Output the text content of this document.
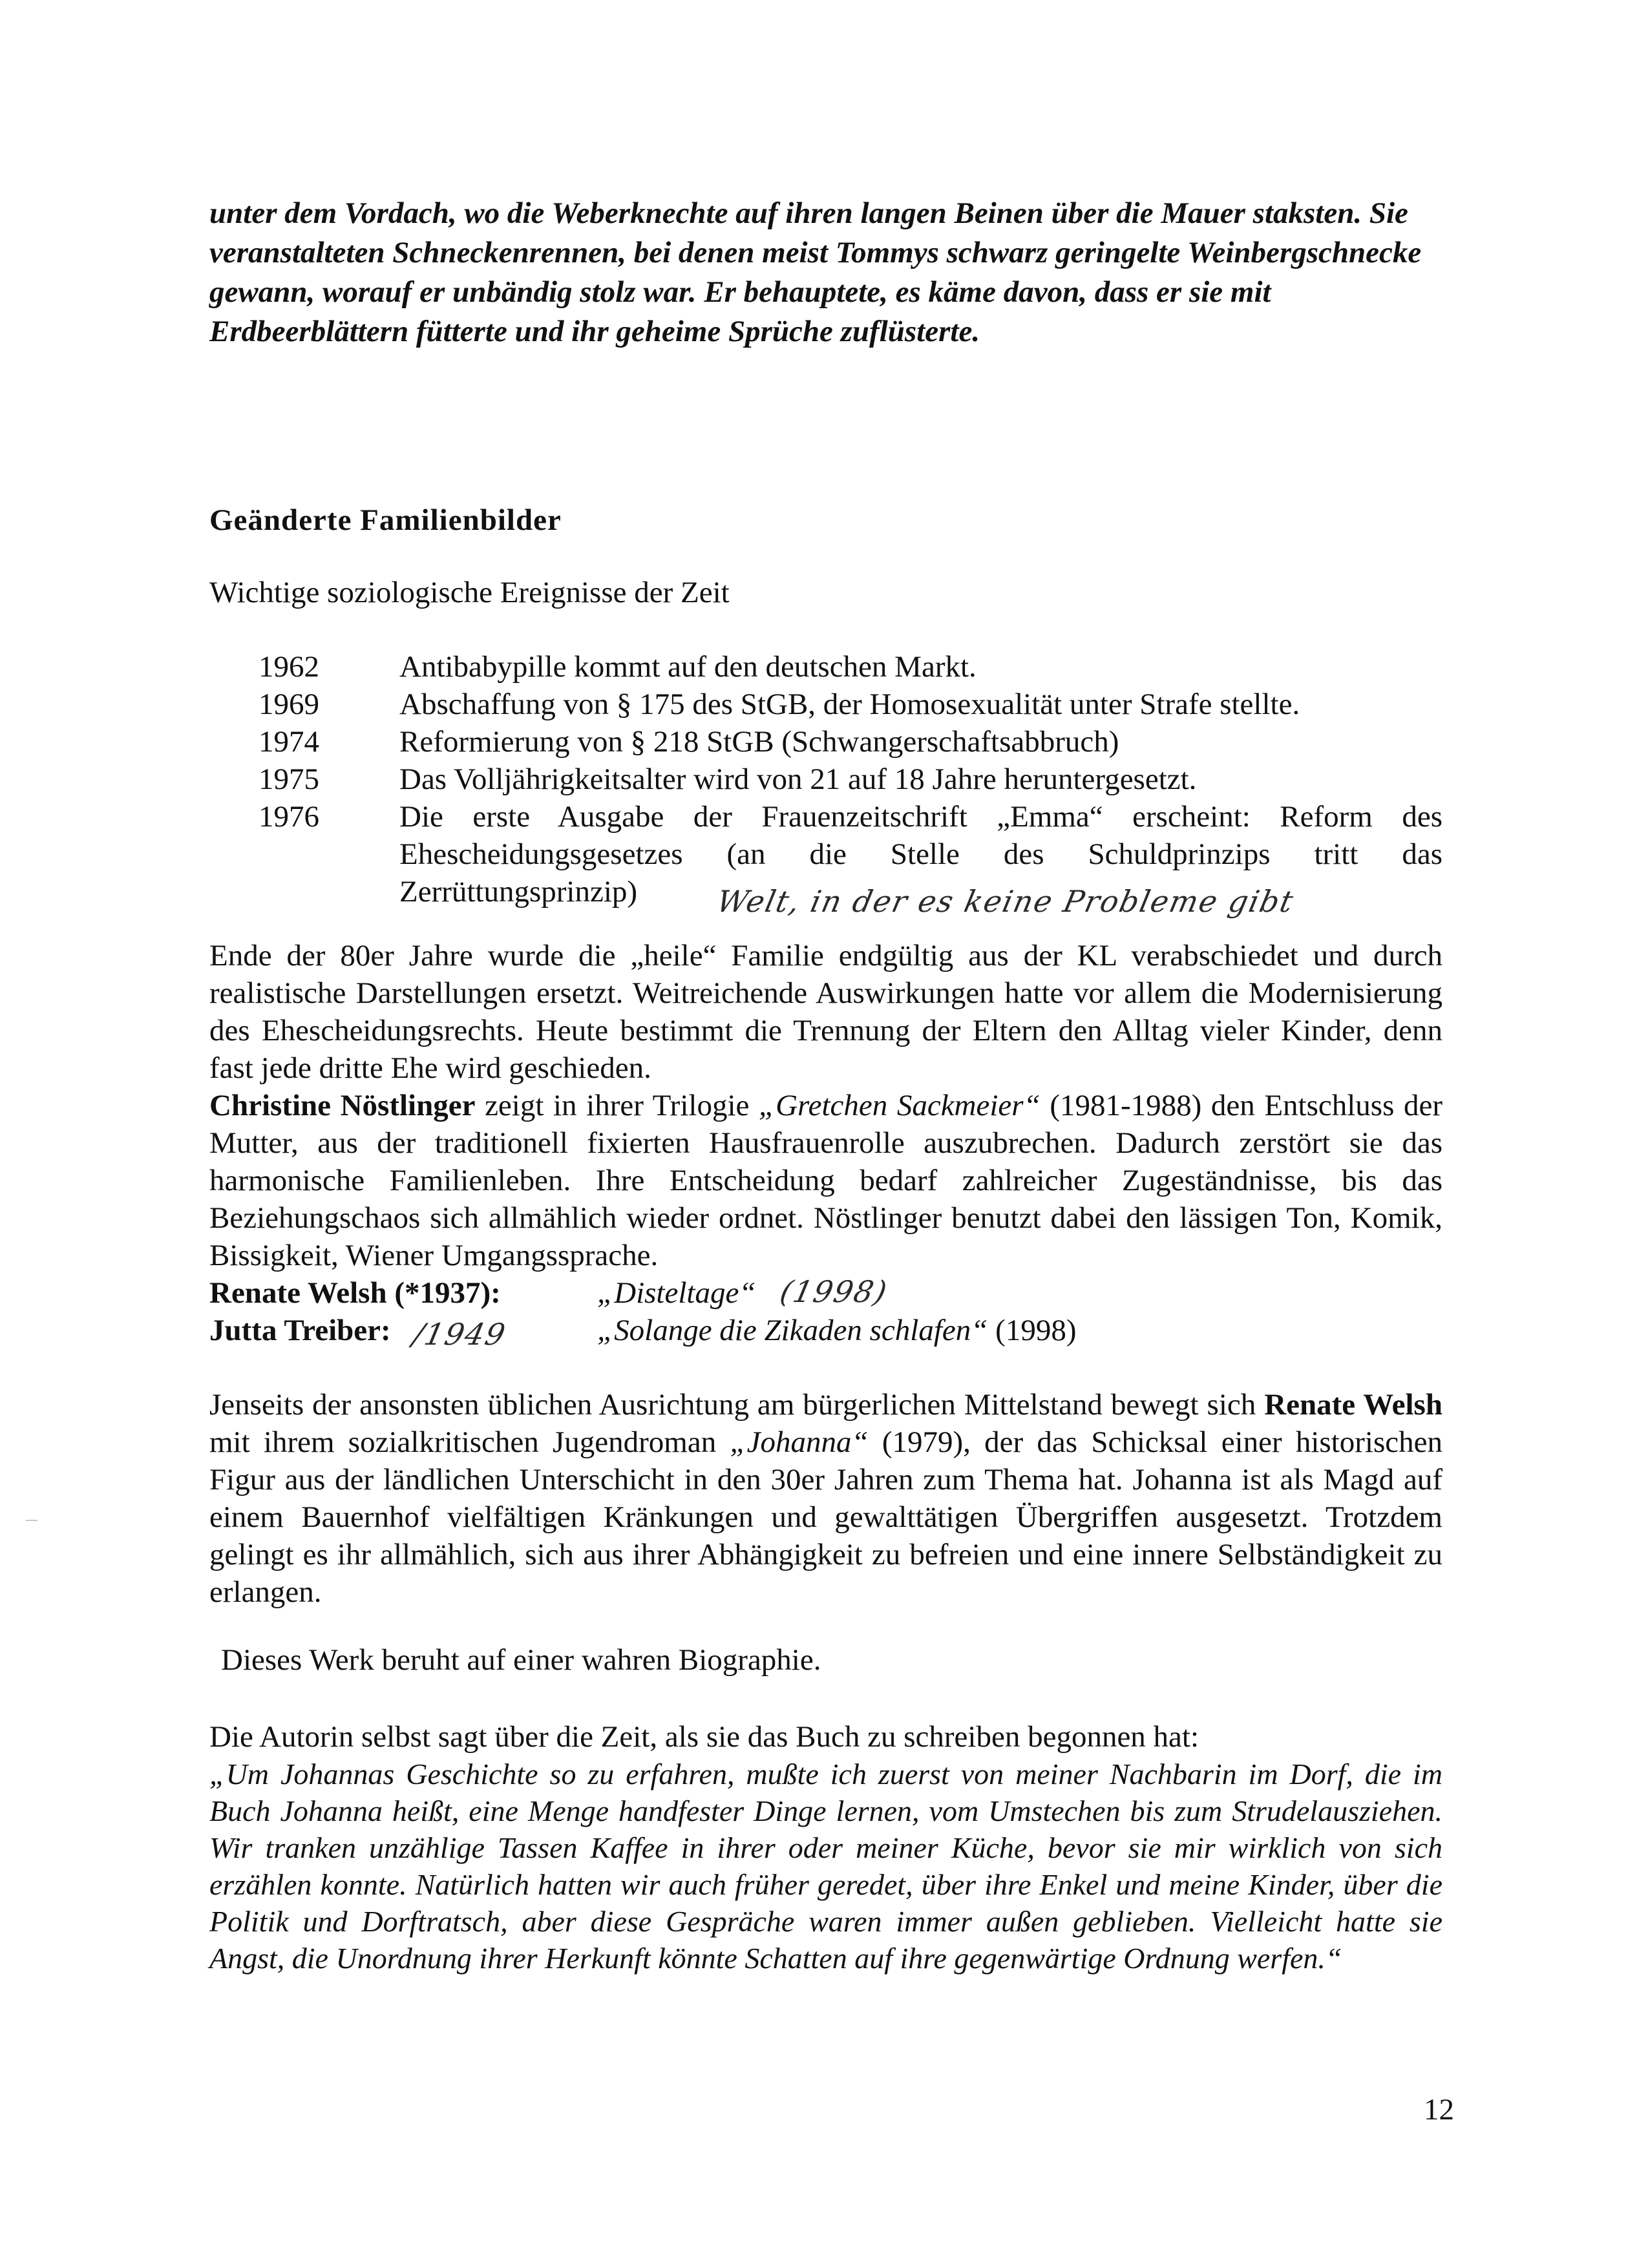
unter dem Vordach, wo die Weberknechte auf ihren langen Beinen über die Mauer staksten. Sie veranstalteten Schneckenrennen, bei denen meist Tommys schwarz geringelte Weinbergschnecke gewann, worauf er unbändig stolz war. Er behauptete, es käme davon, dass er sie mit Erdbeerblättern fütterte und ihr geheime Sprüche zuflüsterte.
Geänderte Familienbilder
Wichtige soziologische Ereignisse der Zeit
1962	Antibabypille kommt auf den deutschen Markt.
1969	Abschaffung von § 175 des StGB, der Homosexualität unter Strafe stellte.
1974	Reformierung von § 218 StGB (Schwangerschaftsabbruch)
1975	Das Volljährigkeitsalter wird von 21 auf 18 Jahre heruntergesetzt.
1976	Die erste Ausgabe der Frauenzeitschrift „Emma“ erscheint: Reform des
Ehescheidungsgesetzes (an die Stelle des Schuldprinzips tritt das
Zerrüttungsprinzip)	Welt, in der es keine Probleme gibt
Ende der 80er Jahre wurde die „heile“ Familie endgültig aus der KL verabschiedet und durch realistische Darstellungen ersetzt. Weitreichende Auswirkungen hatte vor allem die Modernisierung des Ehescheidungsrechts. Heute bestimmt die Trennung der Eltern den Alltag vieler Kinder, denn fast jede dritte Ehe wird geschieden.
Christine Nöstlinger zeigt in ihrer Trilogie „Gretchen Sackmeier“ (1981-1988) den Entschluss der Mutter, aus der traditionell fixierten Hausfrauenrolle auszubrechen. Dadurch zerstört sie das harmonische Familienleben. Ihre Entscheidung bedarf zahlreicher Zugeständnisse, bis das Beziehungschaos sich allmählich wieder ordnet. Nöstlinger benutzt dabei den lässigen Ton, Komik, Bissigkeit, Wiener Umgangssprache.
Renate Welsh (*1937):	„Disteltage“ (1998)
Jutta Treiber:	„Solange die Zikaden schlafen“ (1998)
/1949
Jenseits der ansonsten üblichen Ausrichtung am bürgerlichen Mittelstand bewegt sich Renate Welsh mit ihrem sozialkritischen Jugendroman „Johanna“ (1979), der das Schicksal einer historischen Figur aus der ländlichen Unterschicht in den 30er Jahren zum Thema hat. Johanna ist als Magd auf einem Bauernhof vielfältigen Kränkungen und gewalttätigen Übergriffen ausgesetzt. Trotzdem gelingt es ihr allmählich, sich aus ihrer Abhängigkeit zu befreien und eine innere Selbständigkeit zu erlangen.
Dieses Werk beruht auf einer wahren Biographie.
Die Autorin selbst sagt über die Zeit, als sie das Buch zu schreiben begonnen hat:
„Um Johannas Geschichte so zu erfahren, mußte ich zuerst von meiner Nachbarin im Dorf, die im Buch Johanna heißt, eine Menge handfester Dinge lernen, vom Umstechen bis zum Strudelausziehen. Wir tranken unzählige Tassen Kaffee in ihrer oder meiner Küche, bevor sie mir wirklich von sich erzählen konnte. Natürlich hatten wir auch früher geredet, über ihre Enkel und meine Kinder, über die Politik und Dorftratsch, aber diese Gespräche waren immer außen geblieben. Vielleicht hatte sie Angst, die Unordnung ihrer Herkunft könnte Schatten auf ihre gegenwärtige Ordnung werfen.“
12
